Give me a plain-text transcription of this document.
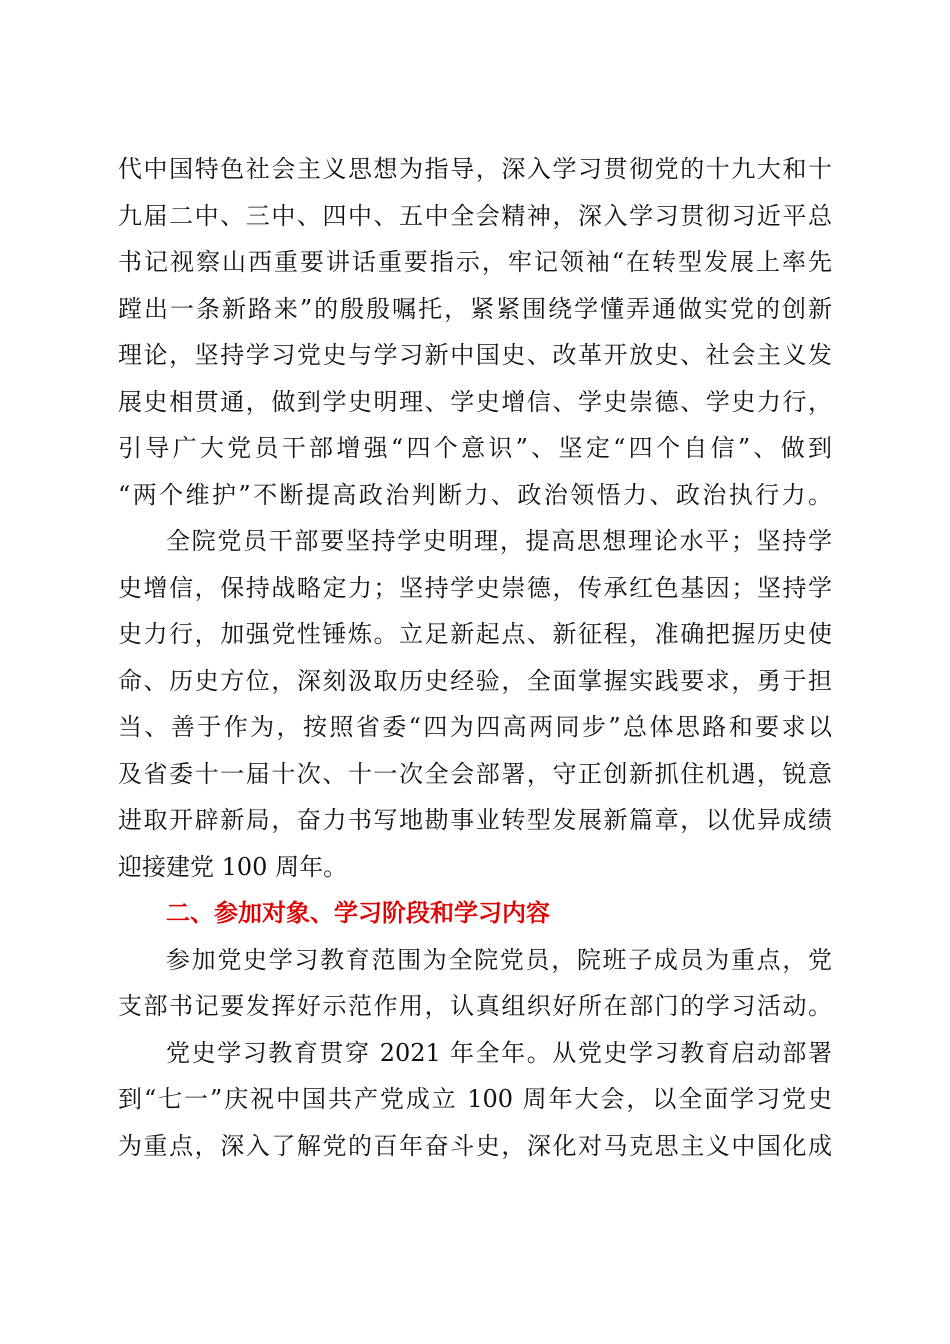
代中国特色社会主义思想为指导，深入学习贯彻党的十九大和十
九届二中、三中、四中、五中全会精神，深入学习贯彻习近平总
书记视察山西重要讲话重要指示，牢记领袖“在转型发展上率先
蹚出一条新路来”的殷殷嘱托，紧紧围绕学懂弄通做实党的创新
理论，坚持学习党史与学习新中国史、改革开放史、社会主义发
展史相贯通，做到学史明理、学史增信、学史崇德、学史力行，
引导广大党员干部增强“四个意识”、坚定“四个自信”、做到
“两个维护”不断提高政治判断力、政治领悟力、政治执行力。

全院党员干部要坚持学史明理，提高思想理论水平；坚持学
史增信，保持战略定力；坚持学史崇德，传承红色基因；坚持学
史力行，加强党性锤炼。立足新起点、新征程，准确把握历史使
命、历史方位，深刻汲取历史经验，全面掌握实践要求，勇于担
当、善于作为，按照省委“四为四高两同步”总体思路和要求以
及省委十一届十次、十一次全会部署，守正创新抓住机遇，锐意
进取开辟新局，奋力书写地勘事业转型发展新篇章，以优异成绩
迎接建党 100 周年。

二、参加对象、学习阶段和学习内容

参加党史学习教育范围为全院党员，院班子成员为重点，党
支部书记要发挥好示范作用，认真组织好所在部门的学习活动。

党史学习教育贯穿 2021 年全年。从党史学习教育启动部署
到“七一”庆祝中国共产党成立 100 周年大会，以全面学习党史
为重点，深入了解党的百年奋斗史，深化对马克思主义中国化成
